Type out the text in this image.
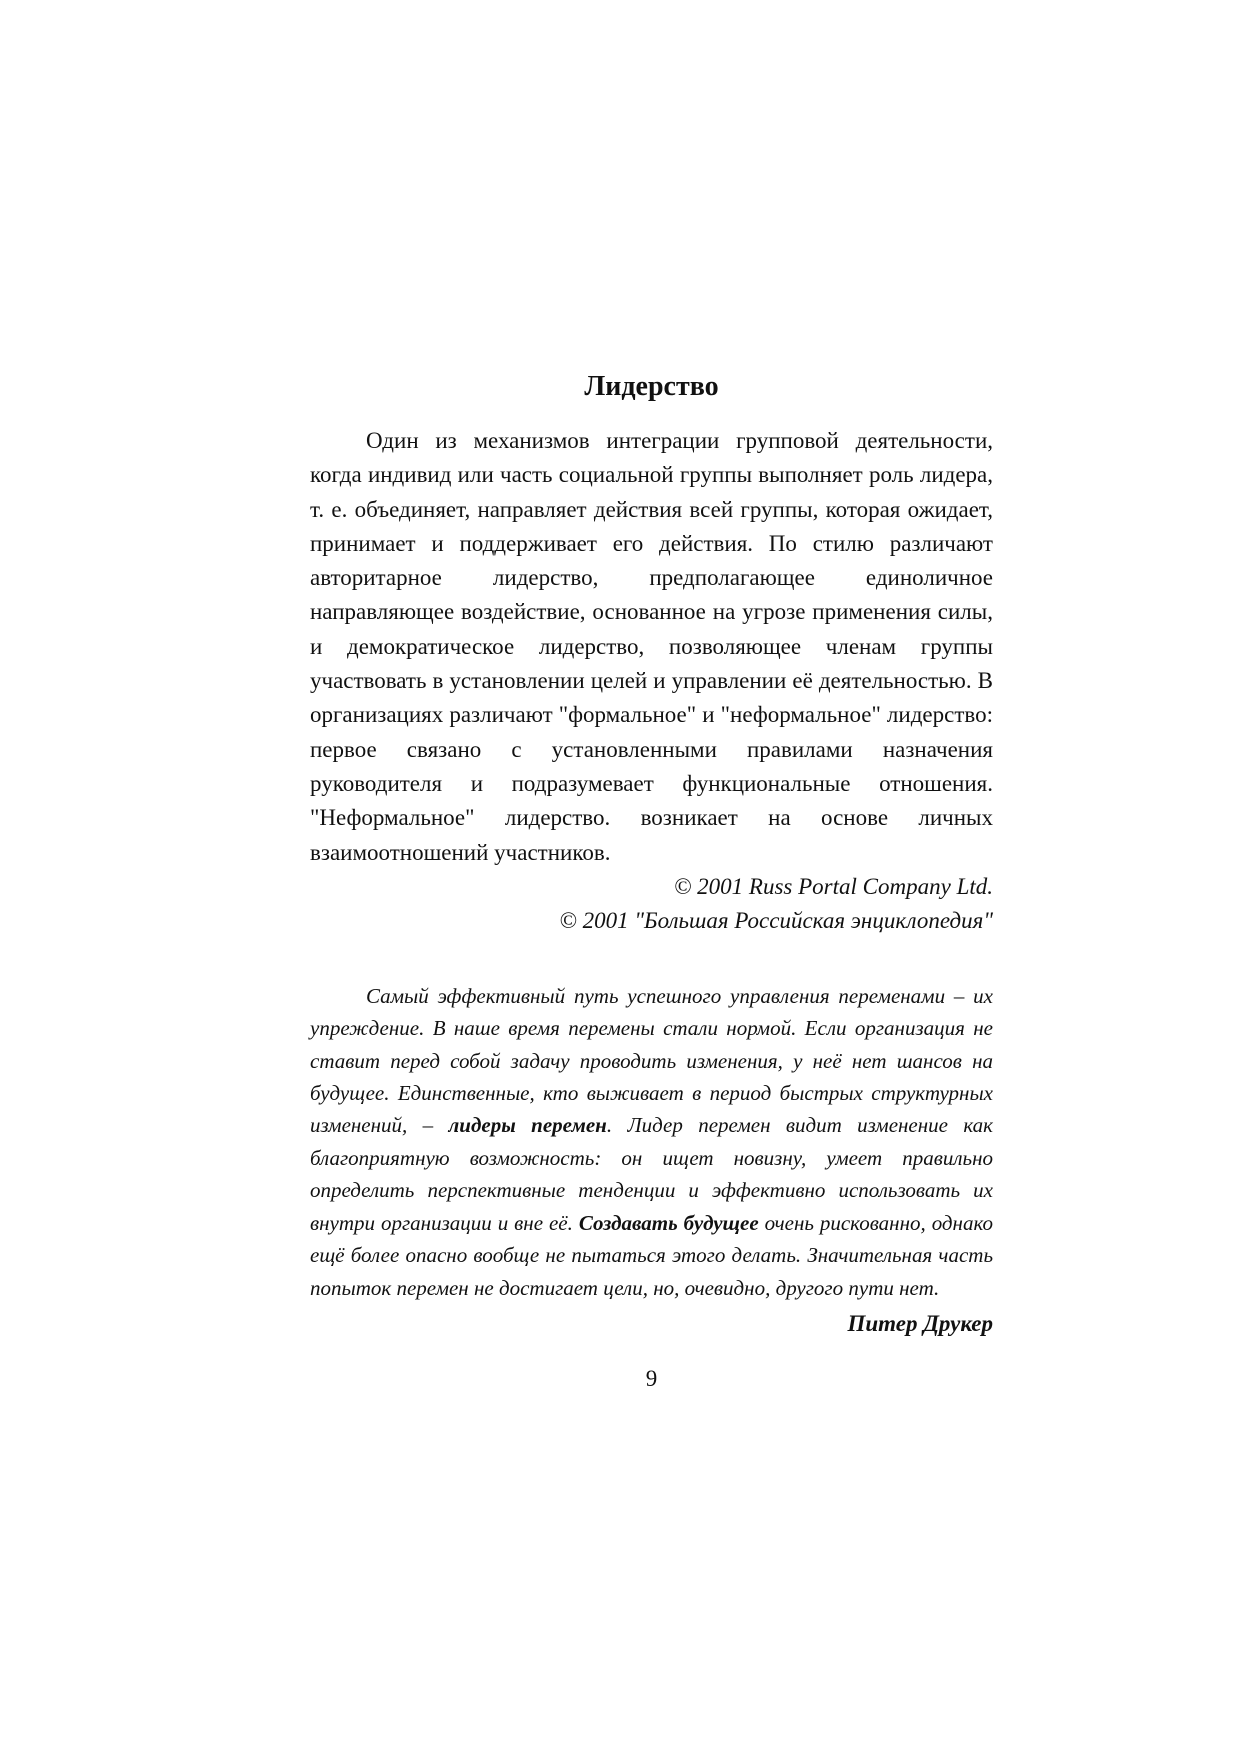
Лидерство

Один из механизмов интеграции групповой деятельности, когда индивид или часть социальной группы выполняет роль лидера, т. е. объединяет, направляет действия всей группы, которая ожидает, принимает и поддерживает его действия. По стилю различают авторитарное лидерство, предполагающее единоличное направляющее воздействие, основанное на угрозе применения силы, и демократическое лидерство, позволяющее членам группы участвовать в установлении целей и управлении её деятельностью. В организациях различают "формальное" и "неформальное" лидерство: первое связано с установленными правилами назначения руководителя и подразумевает функциональные отношения. "Неформальное" лидерство. возникает на основе личных взаимоотношений участников.

© 2001 Russ Portal Company Ltd.

© 2001 "Большая Российская энциклопедия"

Самый эффективный путь успешного управления переменами – их упреждение. В наше время перемены стали нормой. Если организация не ставит перед собой задачу проводить изменения, у неё нет шансов на будущее. Единственные, кто выживает в период быстрых структурных изменений, – лидеры перемен. Лидер перемен видит изменение как благоприятную возможность: он ищет новизну, умеет правильно определить перспективные тенденции и эффективно использовать их внутри организации и вне её. Создавать будущее очень рискованно, однако ещё более опасно вообще не пытаться этого делать. Значительная часть попыток перемен не достигает цели, но, очевидно, другого пути нет.

Питер Друкер

9
